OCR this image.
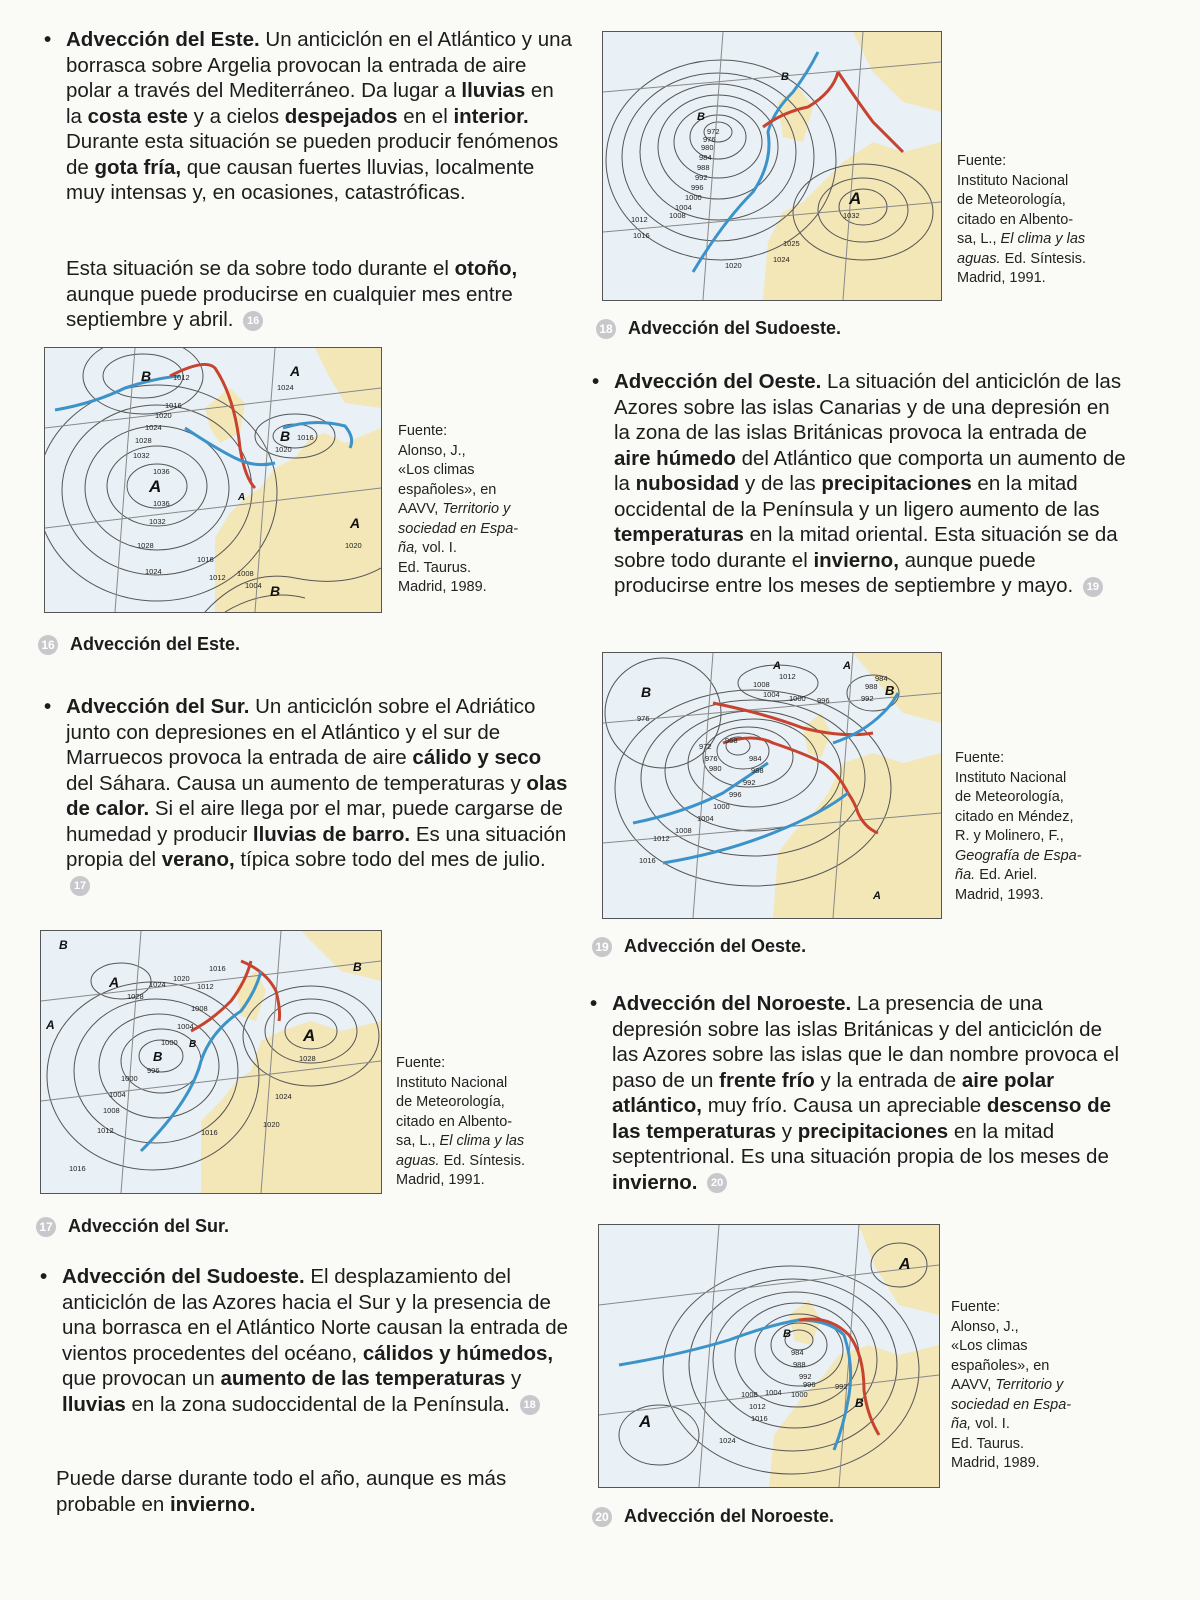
• Advección del Este. Un anticiclón en el Atlántico y una borrasca sobre Argelia provocan la entrada de aire polar a través del Mediterráneo. Da lugar a lluvias en la costa este y a cielos despejados en el interior. Durante esta situación se pueden producir fenómenos de gota fría, que causan fuertes lluvias, localmente muy intensas y, en ocasiones, catastróficas.
Esta situación se da sobre todo durante el otoño, aunque puede producirse en cualquier mes entre septiembre y abril. 16
B	A
A
B
A
B
A
1012
1016
1020
1024
1028
1032
1036
1036
1032
1028
1024
1024
1016
1020
1016
1012 1008
1004
1020
Fuente:
Alonso, J.,
«Los climas
españoles», en
AAVV, Territorio y
sociedad en Espa-
ña, vol. I.
Ed. Taurus.
Madrid, 1989.
16 Advección del Este.
• Advección del Sur. Un anticiclón sobre el Adriático junto con depresiones en el Atlántico y el sur de Marruecos provoca la entrada de aire cálido y seco del Sáhara. Causa un aumento de temperaturas y olas de calor. Si el aire llega por el mar, puede cargarse de humedad y producir lluvias de barro. Es una situación propia del verano, típica sobre todo del mes de julio. 17
B
A
A
B
B
B
A
1016
1020
1024
1028
1012
1008
1004
1000
996
1000
1004
1008
1012
1016
1028
1024
1020
1016
Fuente:
Instituto Nacional
de Meteorología,
citado en Albento-
sa, L., El clima y las
aguas. Ed. Síntesis.
Madrid, 1991.
17 Advección del Sur.
• Advección del Sudoeste. El desplazamiento del anticiclón de las Azores hacia el Sur y la presencia de una borrasca en el Atlántico Norte causan la entrada de vientos procedentes del océano, cálidos y húmedos, que provocan un aumento de las temperaturas y lluvias en la zona sudoccidental de la Península. 18
Puede darse durante todo el año, aunque es más probable en invierno.
B
B
A
972
976
980
984
988
992
996
1000
1004
1008
1012
1016
1020
1024
1025
1032
Fuente:
Instituto Nacional
de Meteorología,
citado en Albento-
sa, L., El clima y las
aguas. Ed. Síntesis.
Madrid, 1991.
18 Advección del Sudoeste.
• Advección del Oeste. La situación del anticiclón de las Azores sobre las islas Canarias y de una depresión en la zona de las islas Británicas provoca la entrada de aire húmedo del Atlántico que comporta un aumento de la nubosidad y de las precipitaciones en la mitad occidental de la Península y un ligero aumento de las temperaturas en la mitad oriental. Esta situación se da sobre todo durante el invierno, aunque puede producirse entre los meses de septiembre y mayo. 19
B
A	A
B
A
1012
1008
1004 1000 996
988
984
992
976
972
968
976
980
984
988
992
996
1000
1004
1008
1012
1016
Fuente:
Instituto Nacional
de Meteorología,
citado en Méndez,
R. y Molinero, F.,
Geografía de Espa-
ña. Ed. Ariel.
Madrid, 1993.
19 Advección del Oeste.
• Advección del Noroeste. La presencia de una depresión sobre las islas Británicas y del anticiclón de las Azores sobre las islas que le dan nombre provoca el paso de un frente frío y la entrada de aire polar atlántico, muy frío. Causa un apreciable descenso de las temperaturas y precipitaciones en la mitad septentrional. Es una situación propia de los meses de invierno. 20
A
B
B
A
984
988
992
996
1000
1004
1008
1012
1016
1024
992
Fuente:
Alonso, J.,
«Los climas
españoles», en
AAVV, Territorio y
sociedad en Espa-
ña, vol. I.
Ed. Taurus.
Madrid, 1989.
20 Advección del Noroeste.
